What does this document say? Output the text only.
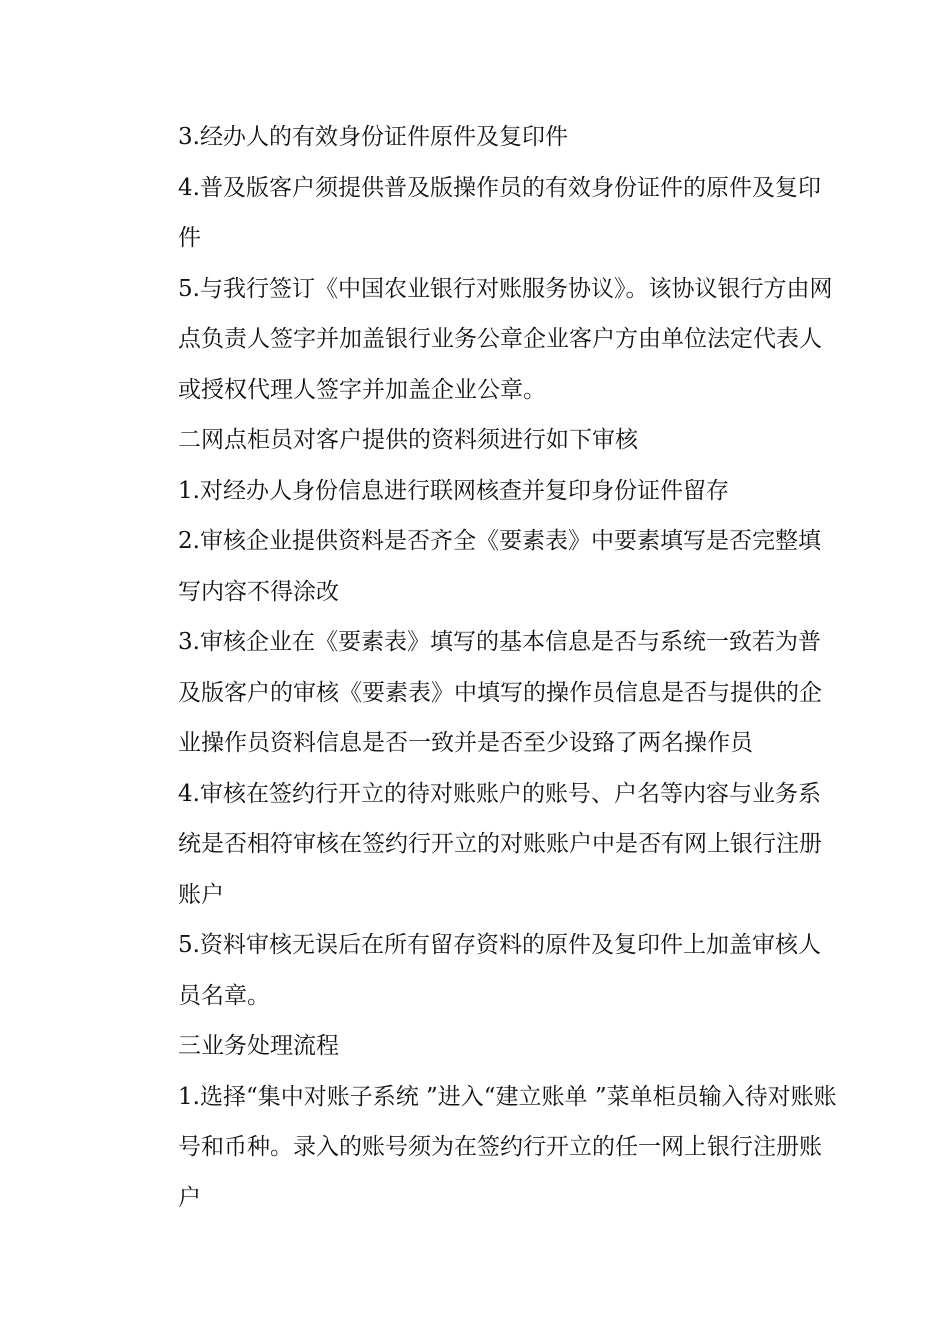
3.经办人的有效身份证件原件及复印件
4.普及版客户须提供普及版操作员的有效身份证件的原件及复印
件
5.与我行签订《中国农业银行对账服务协议》。该协议银行方由网
点负责人签字并加盖银行业务公章企业客户方由单位法定代表人
或授权代理人签字并加盖企业公章。
二网点柜员对客户提供的资料须进行如下审核
1.对经办人身份信息进行联网核查并复印身份证件留存
2.审核企业提供资料是否齐全《要素表》中要素填写是否完整填
写内容不得涂改
3.审核企业在《要素表》填写的基本信息是否与系统一致若为普
及版客户的审核《要素表》中填写的操作员信息是否与提供的企
业操作员资料信息是否一致并是否至少设臵了两名操作员
4.审核在签约行开立的待对账账户的账号、户名等内容与业务系
统是否相符审核在签约行开立的对账账户中是否有网上银行注册
账户
5.资料审核无误后在所有留存资料的原件及复印件上加盖审核人
员名章。
三业务处理流程
1.选择“集中对账子系统 ”进入“建立账单 ”菜单柜员输入待对账账
号和币种。录入的账号须为在签约行开立的任一网上银行注册账
户
